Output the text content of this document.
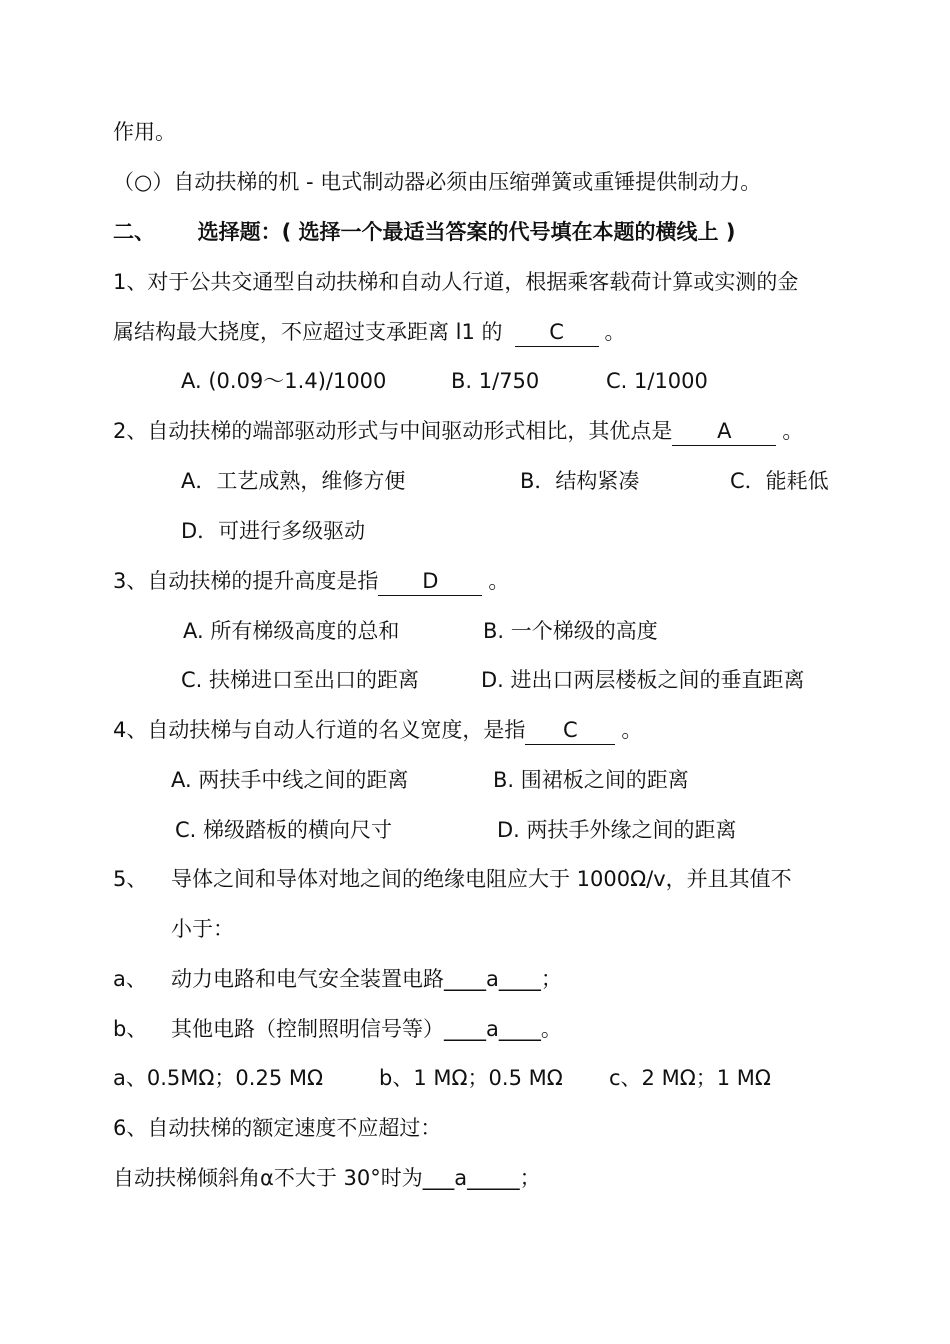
作用。
（○）自动扶梯的机 - 电式制动器必须由压缩弹簧或重锤提供制动力。
二、 选择题：( 选择一个最适当答案的代号填在本题的横线上 )
1、对于公共交通型自动扶梯和自动人行道，根据乘客载荷计算或实测的金
属结构最大挠度，不应超过支承距离 l1 的 C 。
A. (0.09～1.4)/1000	B. 1/750	C. 1/1000
2、自动扶梯的端部驱动形式与中间驱动形式相比，其优点是 A 。
A．工艺成熟，维修方便	B．结构紧凑	C．能耗低
D．可进行多级驱动
3、自动扶梯的提升高度是指 D 。
A. 所有梯级高度的总和	B. 一个梯级的高度
C. 扶梯进口至出口的距离	D. 进出口两层楼板之间的垂直距离
4、自动扶梯与自动人行道的名义宽度，是指 C 。
A. 两扶手中线之间的距离	B. 围裙板之间的距离
C. 梯级踏板的横向尺寸	D. 两扶手外缘之间的距离
5、 导体之间和导体对地之间的绝缘电阻应大于 1000Ω/v，并且其值不
小于：
a、 动力电路和电气安全装置电路____a____；
b、 其他电路（控制照明信号等）____a____。
a、0.5MΩ；0.25 MΩ	b、1 MΩ；0.5 MΩ c、2 MΩ；1 MΩ
6、自动扶梯的额定速度不应超过：
自动扶梯倾斜角α不大于 30°时为___a_____；
